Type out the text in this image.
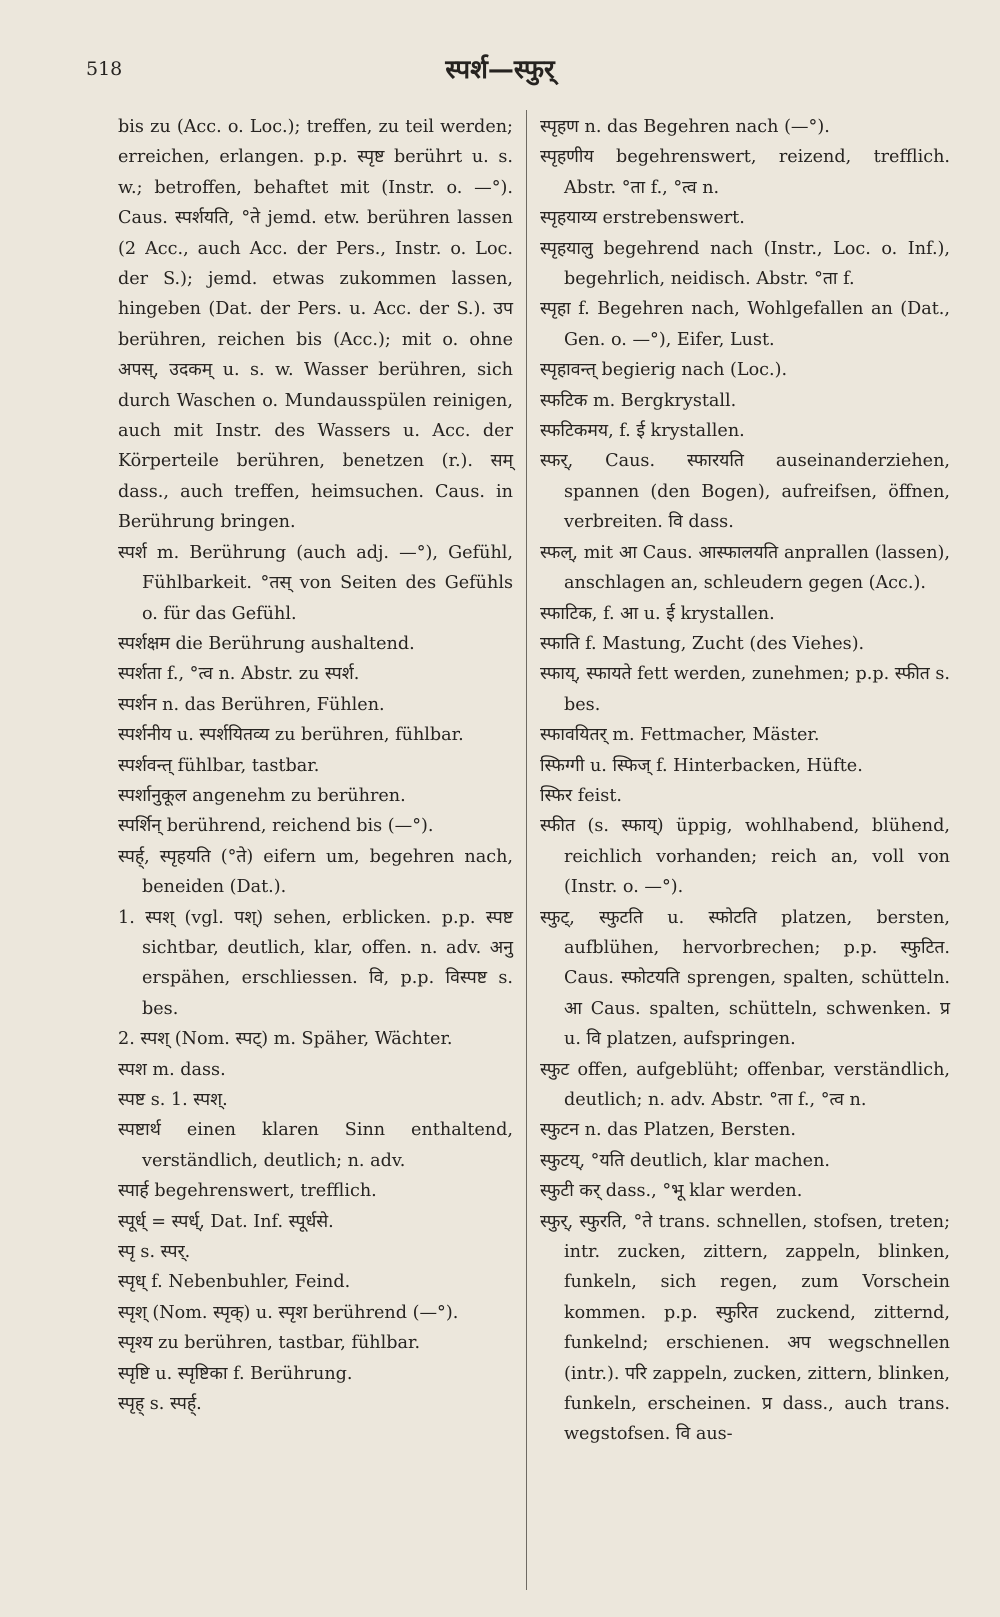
518	स्पर्श—स्फुर्

bis zu (Acc. o. Loc.); treffen, zu teil werden; erreichen, erlangen. p.p. स्पृष्ट berührt u. s. w.; betroffen, behaftet mit (Instr. o. —°). Caus. स्पर्शयति, °ते jemd. etw. berühren lassen (2 Acc., auch Acc. der Pers., Instr. o. Loc. der S.); jemd. etwas zukommen lassen, hingeben (Dat. der Pers. u. Acc. der S.). उप berühren, reichen bis (Acc.); mit o. ohne अपस्, उदकम् u. s. w. Wasser berühren, sich durch Waschen o. Mundausspülen reinigen, auch mit Instr. des Wassers u. Acc. der Körperteile berühren, benetzen (r.). सम् dass., auch treffen, heimsuchen. Caus. in Berührung bringen.

स्पर्श m. Berührung (auch adj. —°), Gefühl, Fühlbarkeit. °तस् von Seiten des Gefühls o. für das Gefühl.

स्पर्शक्षम die Berührung aushaltend.

स्पर्शता f., °त्व n. Abstr. zu स्पर्श.

स्पर्शन n. das Berühren, Fühlen.

स्पर्शनीय u. स्पर्शयितव्य zu berühren, fühlbar.

स्पर्शवन्त् fühlbar, tastbar.

स्पर्शानुकूल angenehm zu berühren.

स्पर्शिन् berührend, reichend bis (—°).

स्पर्ह्, स्पृहयति (°ते) eifern um, begehren nach, beneiden (Dat.).

1. स्पश् (vgl. पश्) sehen, erblicken. p.p. स्पष्ट sichtbar, deutlich, klar, offen. n. adv. अनु erspähen, erschliessen. वि, p.p. विस्पष्ट s. bes.

2. स्पश् (Nom. स्पट्) m. Späher, Wächter.

स्पश m. dass.

स्पष्ट s. 1. स्पश्.

स्पष्टार्थ einen klaren Sinn enthaltend, verständlich, deutlich; n. adv.

स्पार्ह begehrenswert, trefflich.

स्पूर्ध् = स्पर्ध्, Dat. Inf. स्पूर्धसे.

स्पृ s. स्पर्.

स्पृध् f. Nebenbuhler, Feind.

स्पृश् (Nom. स्पृक्) u. स्पृश berührend (—°).

स्पृश्य zu berühren, tastbar, fühlbar.

स्पृष्टि u. स्पृष्टिका f. Berührung.

स्पृह् s. स्पर्ह्.

स्पृहण n. das Begehren nach (—°).

स्पृहणीय begehrenswert, reizend, trefflich. Abstr. °ता f., °त्व n.

स्पृहयाय्य erstrebenswert.

स्पृहयालु begehrend nach (Instr., Loc. o. Inf.), begehrlich, neidisch. Abstr. °ता f.

स्पृहा f. Begehren nach, Wohlgefallen an (Dat., Gen. o. —°), Eifer, Lust.

स्पृहावन्त् begierig nach (Loc.).

स्फटिक m. Bergkrystall.

स्फटिकमय, f. ई krystallen.

स्फर्, Caus. स्फारयति auseinanderziehen, spannen (den Bogen), aufreifsen, öffnen, verbreiten. वि dass.

स्फल्, mit आ Caus. आस्फालयति anprallen (lassen), anschlagen an, schleudern gegen (Acc.).

स्फाटिक, f. आ u. ई krystallen.

स्फाति f. Mastung, Zucht (des Viehes).

स्फाय्, स्फायते fett werden, zunehmen; p.p. स्फीत s. bes.

स्फावयितर् m. Fettmacher, Mäster.

स्फिग्गी u. स्फिज् f. Hinterbacken, Hüfte.

स्फिर feist.

स्फीत (s. स्फाय्) üppig, wohlhabend, blühend, reichlich vorhanden; reich an, voll von (Instr. o. —°).

स्फुट्, स्फुटति u. स्फोटति platzen, bersten, aufblühen, hervorbrechen; p.p. स्फुटित. Caus. स्फोटयति sprengen, spalten, schütteln. आ Caus. spalten, schütteln, schwenken. प्र u. वि platzen, aufspringen.

स्फुट offen, aufgeblüht; offenbar, verständlich, deutlich; n. adv. Abstr. °ता f., °त्व n.

स्फुटन n. das Platzen, Bersten.

स्फुटय्, °यति deutlich, klar machen.

स्फुटी कर् dass., °भू klar werden.

स्फुर्, स्फुरति, °ते trans. schnellen, stofsen, treten; intr. zucken, zittern, zappeln, blinken, funkeln, sich regen, zum Vorschein kommen. p.p. स्फुरित zuckend, zitternd, funkelnd; erschienen. अप wegschnellen (intr.). परि zappeln, zucken, zittern, blinken, funkeln, erscheinen. प्र dass., auch trans. wegstofsen. वि aus-
